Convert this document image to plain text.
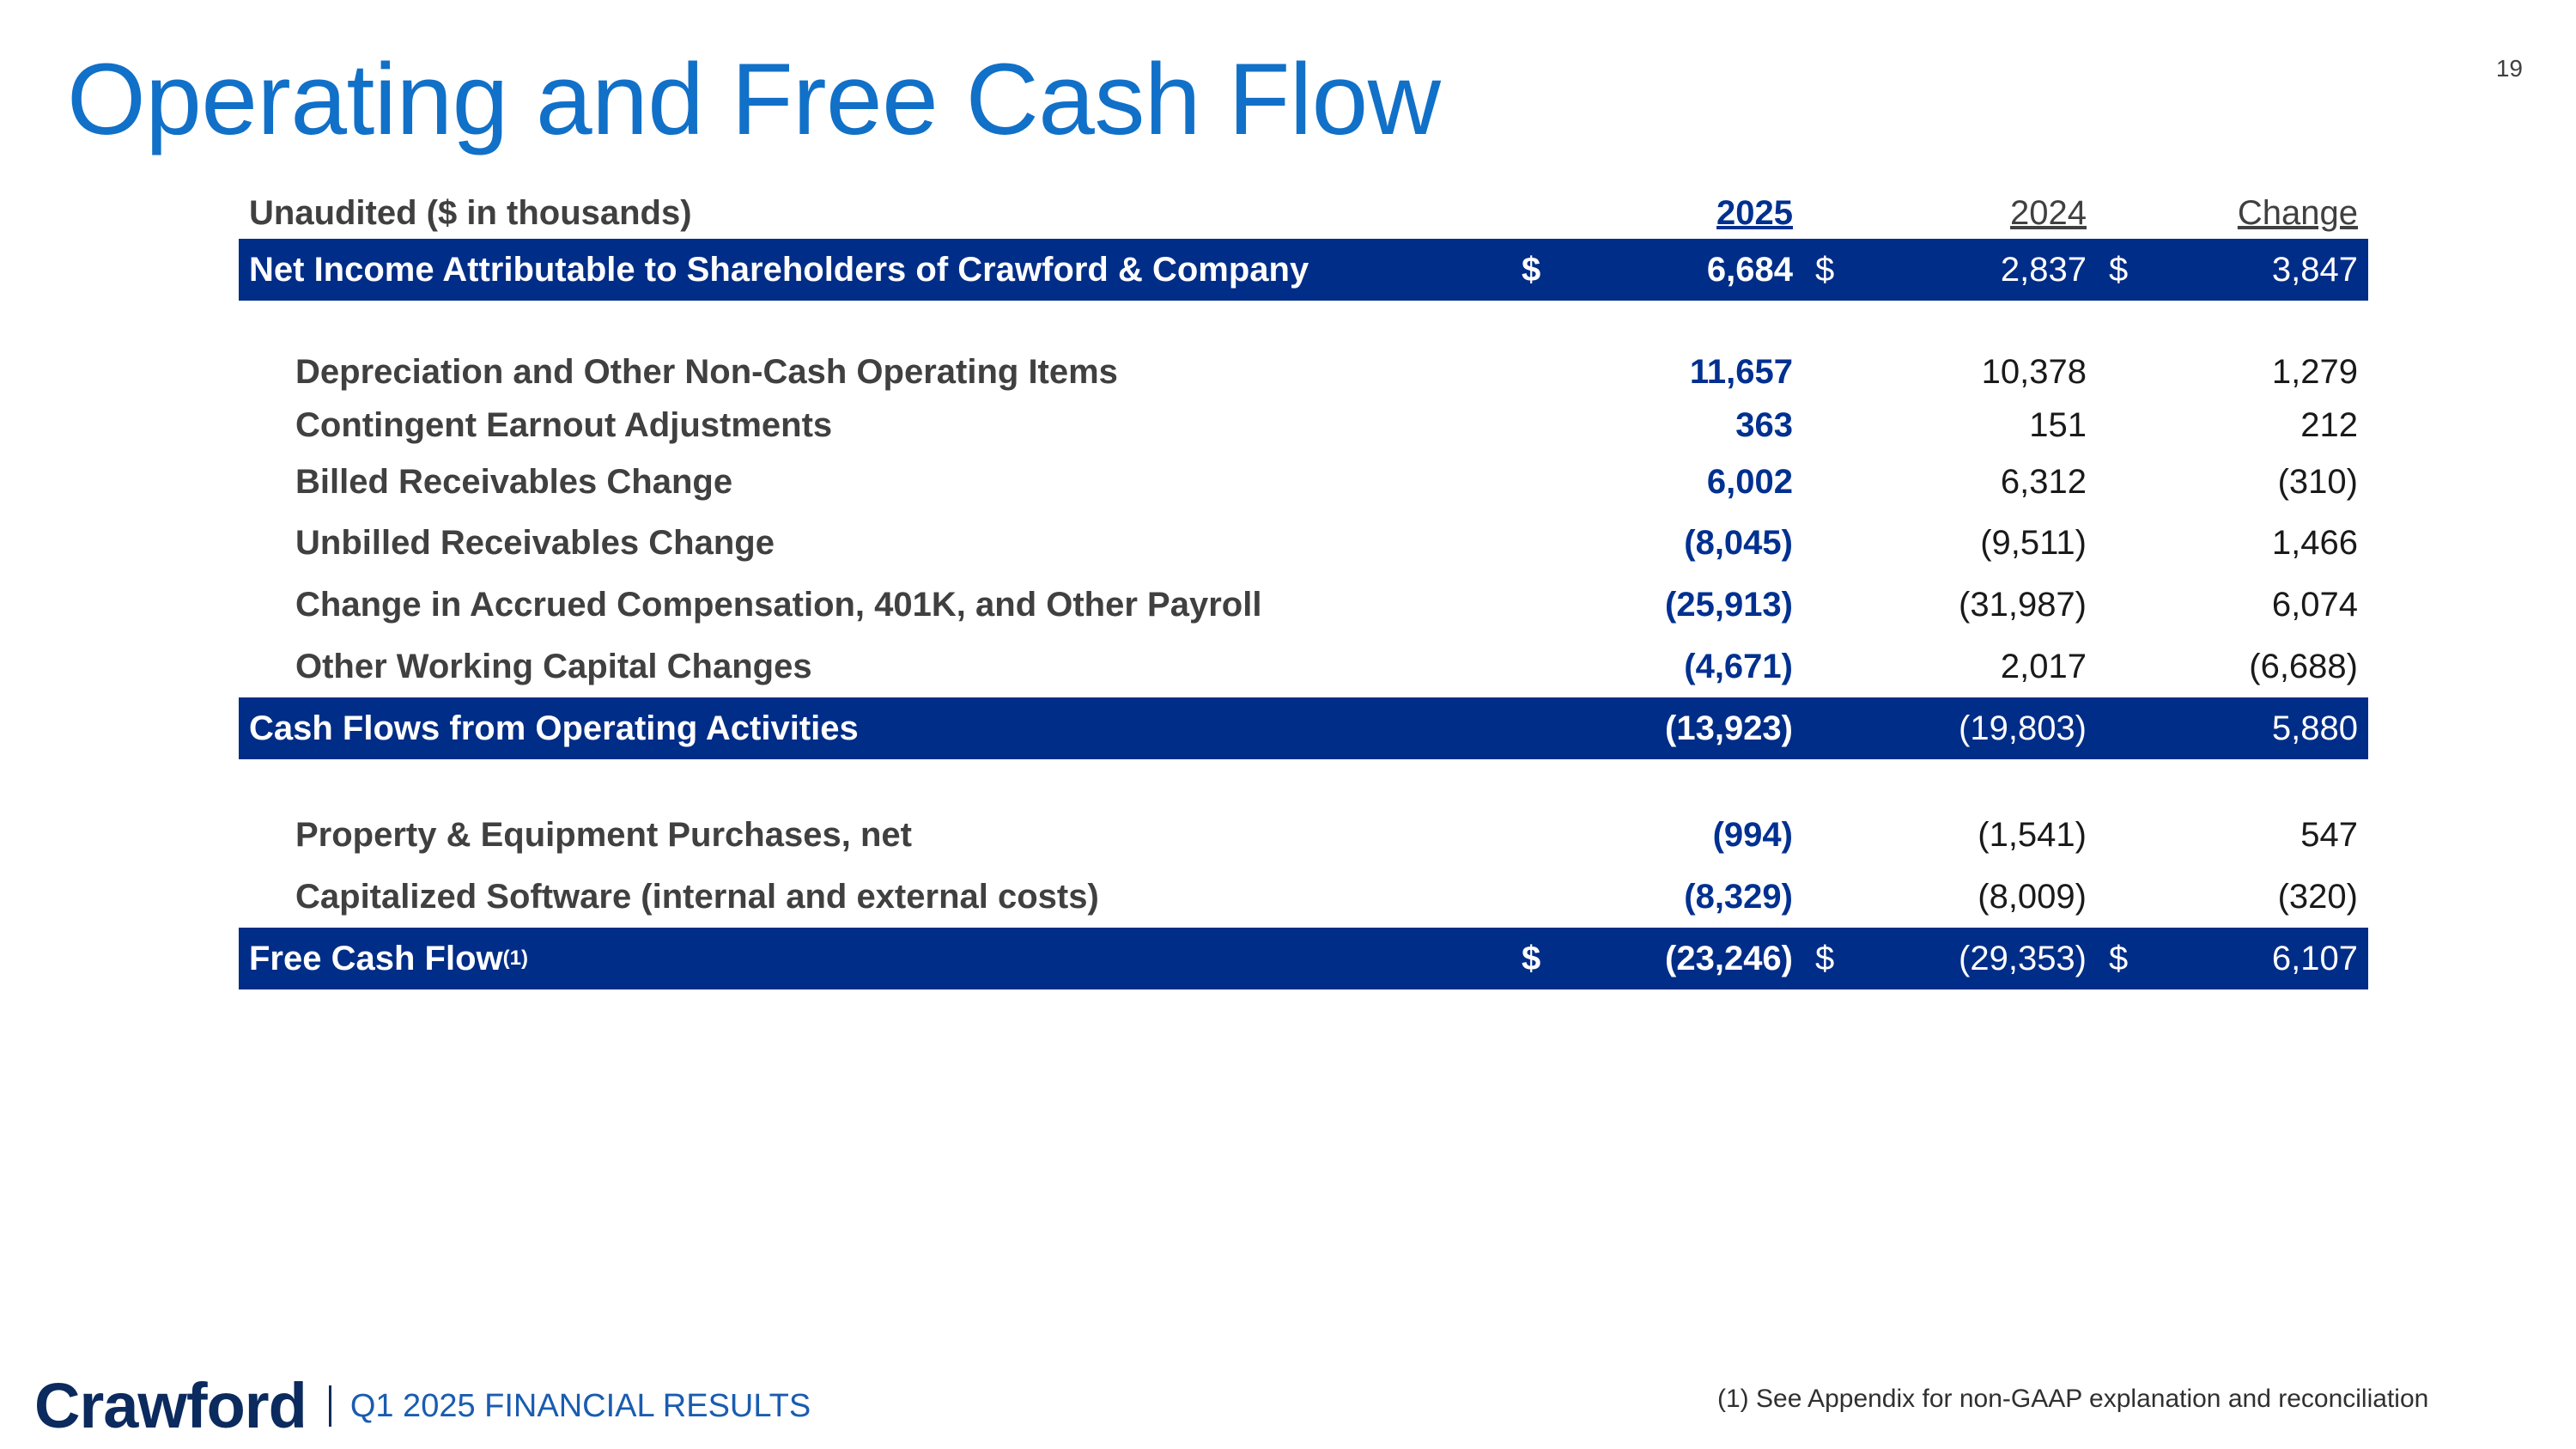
Operating and Free Cash Flow	19
Unaudited ($ in thousands)	2025	2024	Change
Net Income Attributable to Shareholders of Crawford & Company	$	6,684 $	2,837 $	3,847
Depreciation and Other Non-Cash Operating Items	11,657	10,378	1,279
Contingent Earnout Adjustments	363	151	212
Billed Receivables Change	6,002	6,312	(310)
Unbilled Receivables Change	(8,045)	(9,511)	1,466
Change in Accrued Compensation, 401K, and Other Payroll	(25,913)	(31,987)	6,074
Other Working Capital Changes	(4,671)	2,017	(6,688)
Cash Flows from Operating Activities	(13,923)	(19,803)	5,880
Property & Equipment Purchases, net	(994)	(1,541)	547
Capitalized Software (internal and external costs)	(8,329)	(8,009)	(320)
Free Cash Flow (1)	$	(23,246) $	(29,353) $	6,107
Crawford Q1 2025 FINANCIAL RESULTS	(1) See Appendix for non-GAAP explanation and reconciliation
